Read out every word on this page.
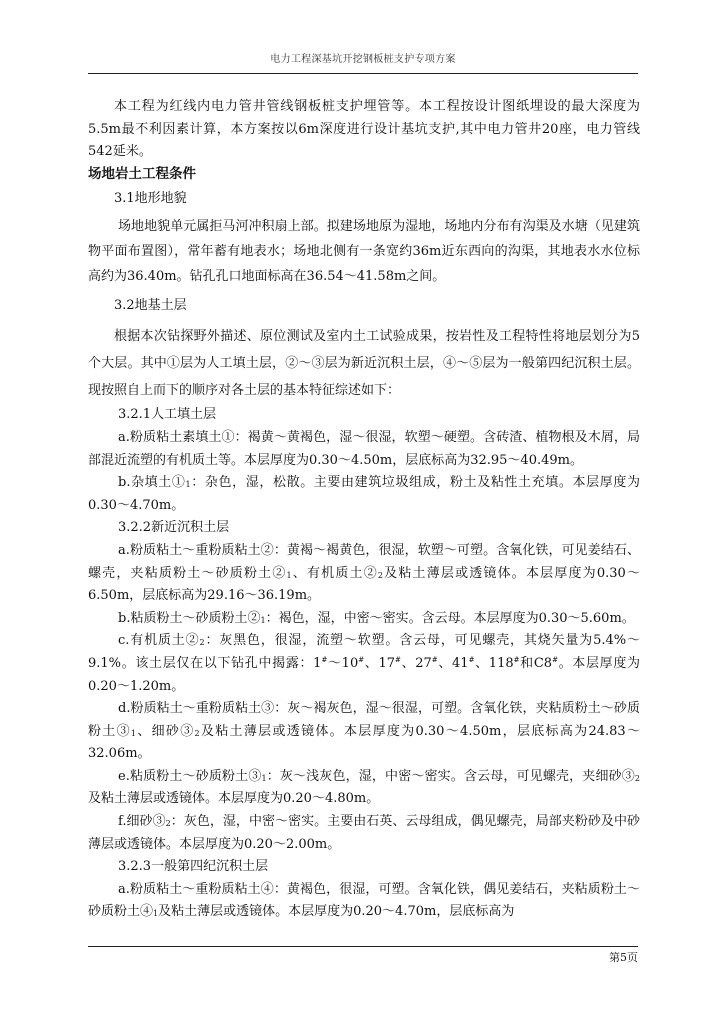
电力工程深基坑开挖钢板桩支护专项方案

本工程为红线内电力管井管线钢板桩支护埋管等。本工程按设计图纸埋设的最大深度为5.5m最不利因素计算，本方案按以6m深度进行设计基坑支护,其中电力管井20座，电力管线542延米。

场地岩土工程条件
3.1地形地貌

场地地貌单元属拒马河冲积扇上部。拟建场地原为湿地，场地内分布有沟渠及水塘（见建筑物平面布置图），常年蓄有地表水；场地北侧有一条宽约36m近东西向的沟渠，其地表水水位标高约为36.40m。钻孔孔口地面标高在36.54～41.58m之间。

3.2地基土层

根据本次钻探野外描述、原位测试及室内土工试验成果，按岩性及工程特性将地层划分为5个大层。其中①层为人工填土层，②～③层为新近沉积土层，④～⑤层为一般第四纪沉积土层。现按照自上而下的顺序对各土层的基本特征综述如下：

3.2.1人工填土层

a.粉质粘土素填土①：褐黄～黄褐色，湿～很湿，软塑～硬塑。含砖渣、植物根及木屑，局部混近流塑的有机质土等。本层厚度为0.30～4.50m，层底标高为32.95～40.49m。

b.杂填土$①_1$：杂色，湿，松散。主要由建筑垃圾组成，粉土及粘性土充填。本层厚度为0.30～4.70m。

3.2.2新近沉积土层

a.粉质粘土～重粉质粘土②：黄褐～褐黄色，很湿，软塑～可塑。含氧化铁，可见姜结石、螺壳，夹粘质粉土～砂质粉土$②_1$、有机质土$②_2$及粘土薄层或透镜体。本层厚度为0.30～6.50m，层底标高为29.16～36.19m。

b.粘质粉土～砂质粉土$②_1$：褐色，湿，中密～密实。含云母。本层厚度为0.30～5.60m。

c.有机质土$②_2$：灰黑色，很湿，流塑～软塑。含云母，可见螺壳，其烧矢量为5.4%～9.1%。该土层仅在以下钻孔中揭露：1#～10#、17#、27#、41#、118#和C8#。本层厚度为0.20～1.20m。

d.粉质粘土～重粉质粘土③：灰～褐灰色，湿～很湿，可塑。含氧化铁，夹粘质粉土～砂质粉土$③_1$、细砂$③_2$及粘土薄层或透镜体。本层厚度为0.30～4.50m，层底标高为24.83～32.06m。

e.粘质粉土～砂质粉土$③_1$：灰～浅灰色，湿，中密～密实。含云母，可见螺壳，夹细砂$③_2$及粘土薄层或透镜体。本层厚度为0.20～4.80m。

f.细砂$③_2$：灰色，湿，中密～密实。主要由石英、云母组成，偶见螺壳，局部夹粉砂及中砂薄层或透镜体。本层厚度为0.20～2.00m。

3.2.3一般第四纪沉积土层

a.粉质粘土～重粉质粘土④：黄褐色，很湿，可塑。含氧化铁，偶见姜结石，夹粘质粉土～砂质粉土$④_1$及粘土薄层或透镜体。本层厚度为0.20～4.70m，层底标高为

第5页
